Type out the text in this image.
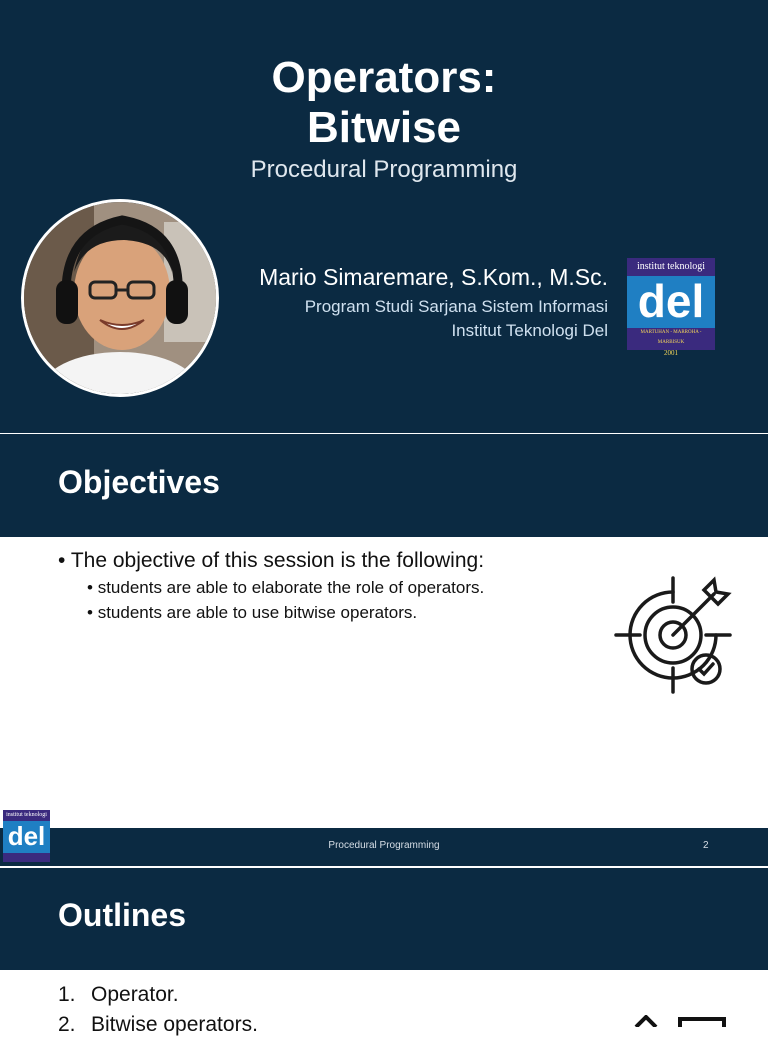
Operators:
Bitwise
Procedural Programming
Mario Simaremare, S.Kom., M.Sc.
Program Studi Sarjana Sistem Informasi
Institut Teknologi Del
institut teknologi
del
MARTUHAN - MARROHA - MARBISUK
2001
Objectives
• The objective of this session is the following:
• students are able to elaborate the role of operators.
• students are able to use bitwise operators.
institut teknologi
del	Procedural Programming	2
Outlines
1. Operator.
2. Bitwise operators.
